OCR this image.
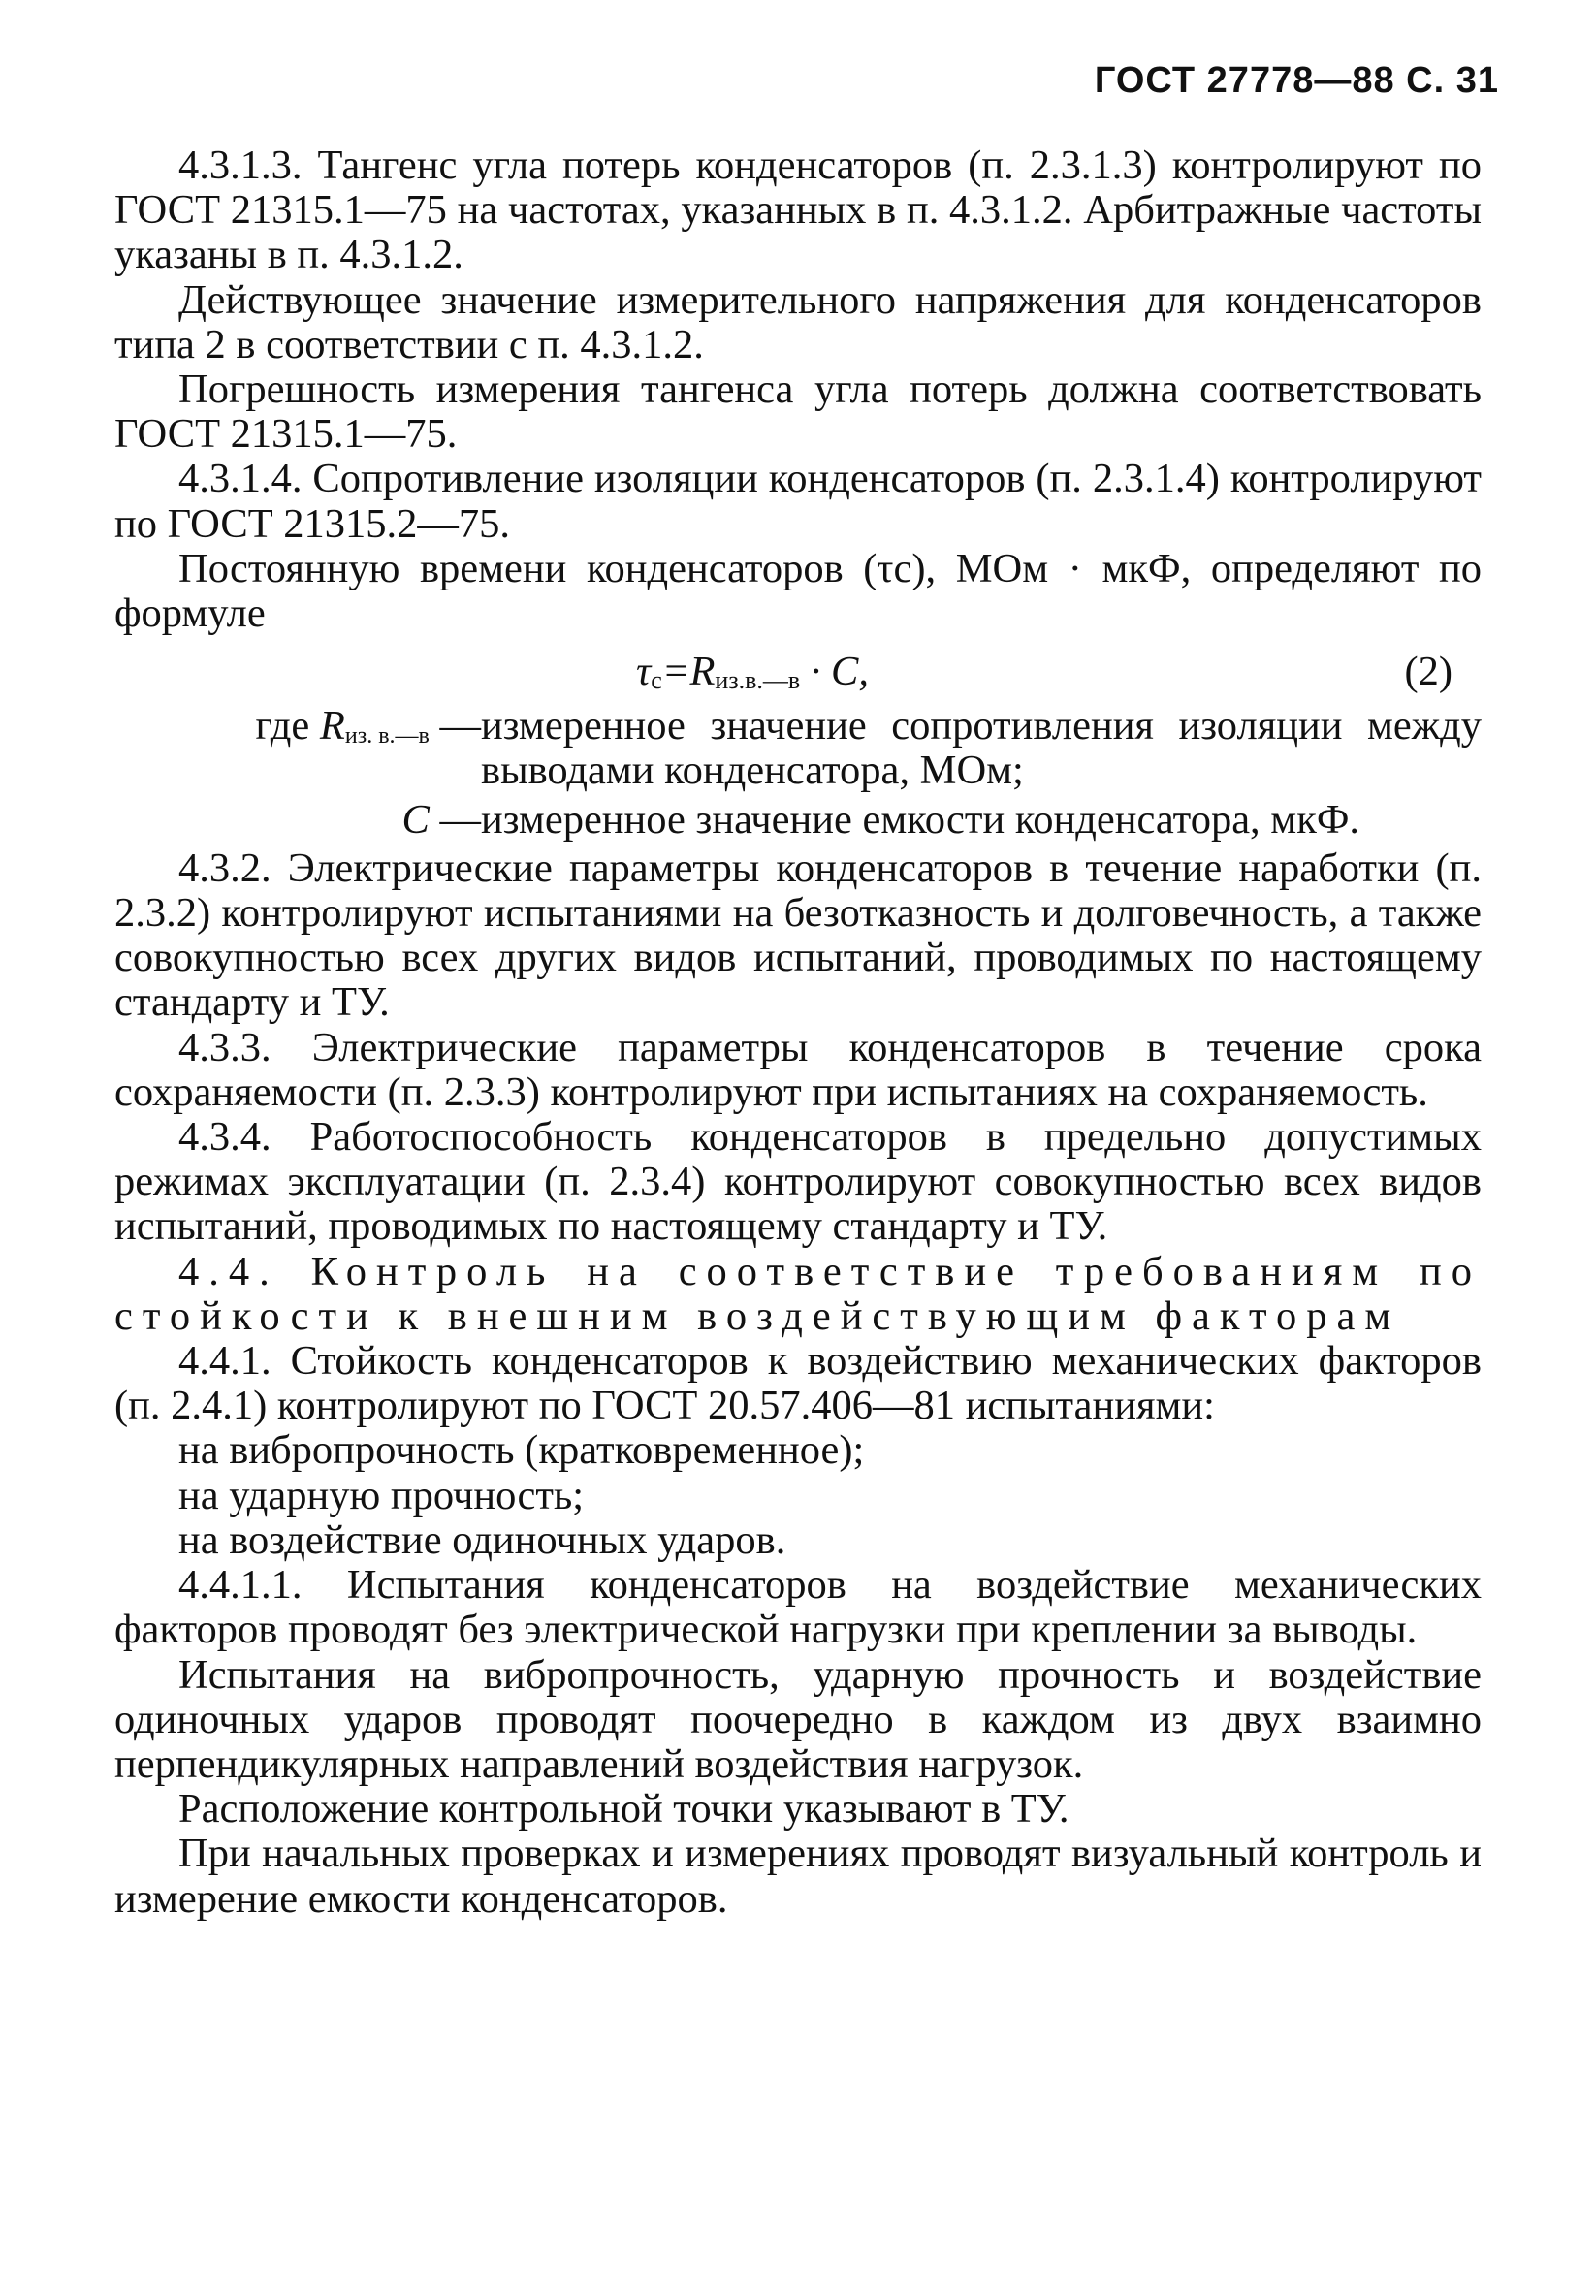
ГОСТ 27778—88 С. 31

4.3.1.3. Тангенс угла потерь конденсаторов (п. 2.3.1.3) контролируют по ГОСТ 21315.1—75 на частотах, указанных в п. 4.3.1.2. Арбитражные частоты указаны в п. 4.3.1.2.

Действующее значение измерительного напряжения для конденсаторов типа 2 в соответствии с п. 4.3.1.2.

Погрешность измерения тангенса угла потерь должна соответствовать ГОСТ 21315.1—75.

4.3.1.4. Сопротивление изоляции конденсаторов (п. 2.3.1.4) контролируют по ГОСТ 21315.2—75.

Постоянную времени конденсаторов (τс), МОм · мкФ, определяют по формуле

τс=Rиз.в.—в · C,	(2)
где Rиз. в.—в — измеренное значение сопротивления изоляции между выводами конденсатора, МОм;
C — измеренное значение емкости конденсатора, мкФ.

4.3.2. Электрические параметры конденсаторов в течение наработки (п. 2.3.2) контролируют испытаниями на безотказность и долговечность, а также совокупностью всех других видов испытаний, проводимых по настоящему стандарту и ТУ.

4.3.3. Электрические параметры конденсаторов в течение срока сохраняемости (п. 2.3.3) контролируют при испытаниях на сохраняемость.

4.3.4. Работоспособность конденсаторов в предельно допустимых режимах эксплуатации (п. 2.3.4) контролируют совокупностью всех видов испытаний, проводимых по настоящему стандарту и ТУ.

4.4. Контроль на соответствие требованиям по стойкости к внешним воздействующим факторам

4.4.1. Стойкость конденсаторов к воздействию механических факторов (п. 2.4.1) контролируют по ГОСТ 20.57.406—81 испытаниями:

на вибропрочность (кратковременное);

на ударную прочность;

на воздействие одиночных ударов.

4.4.1.1. Испытания конденсаторов на воздействие механических факторов проводят без электрической нагрузки при креплении за выводы.

Испытания на вибропрочность, ударную прочность и воздействие одиночных ударов проводят поочередно в каждом из двух взаимно перпендикулярных направлений воздействия нагрузок.

Расположение контрольной точки указывают в ТУ.

При начальных проверках и измерениях проводят визуальный контроль и измерение емкости конденсаторов.
